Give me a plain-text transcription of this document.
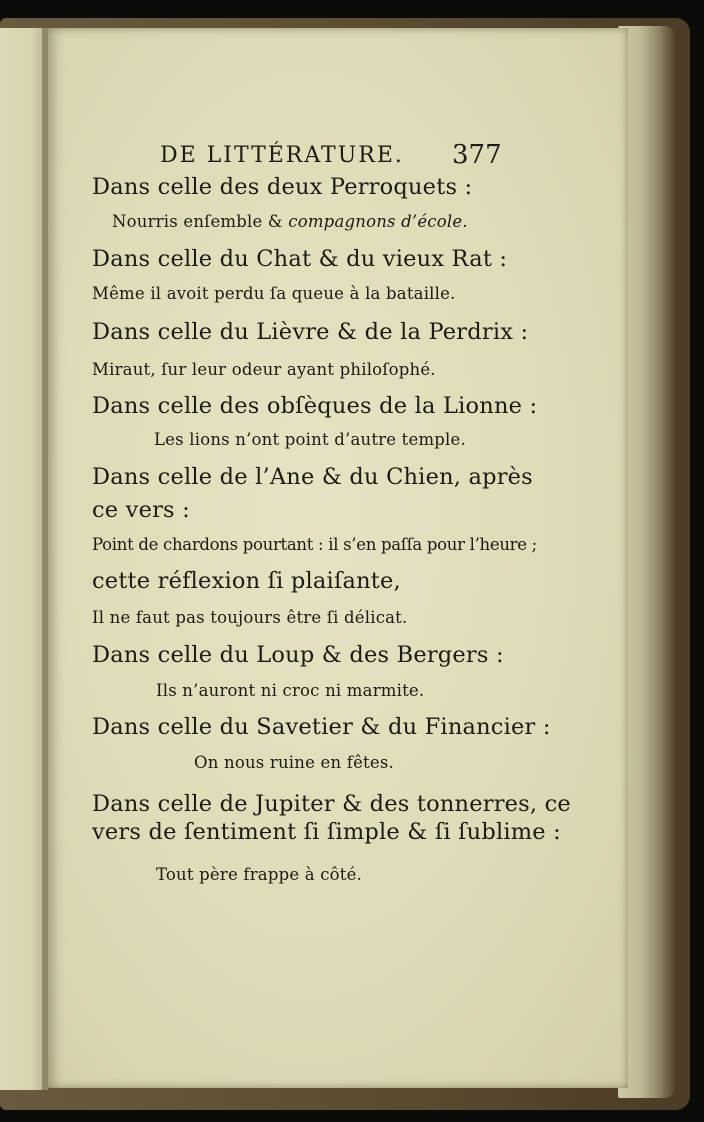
DE LITTÉRATURE. 377
Dans celle des deux Perroquets :
Nourris enſemble & compagnons d’école.
Dans celle du Chat & du vieux Rat :
Même il avoit perdu ſa queue à la bataille.
Dans celle du Lièvre & de la Perdrix :
Miraut, ſur leur odeur ayant philoſophé.
Dans celle des obſèques de la Lionne :
Les lions n’ont point d’autre temple.
Dans celle de l’Ane & du Chien, après
ce vers :
Point de chardons pourtant : il s’en paſſa pour l’heure ;
cette réflexion ſi plaiſante,
Il ne faut pas toujours être ſi délicat.
Dans celle du Loup & des Bergers :
Ils n’auront ni croc ni marmite.
Dans celle du Savetier & du Financier :
On nous ruine en fêtes.
Dans celle de Jupiter & des tonnerres, ce
vers de ſentiment ſi ſimple & ſi ſublime :
Tout père frappe à côté.
